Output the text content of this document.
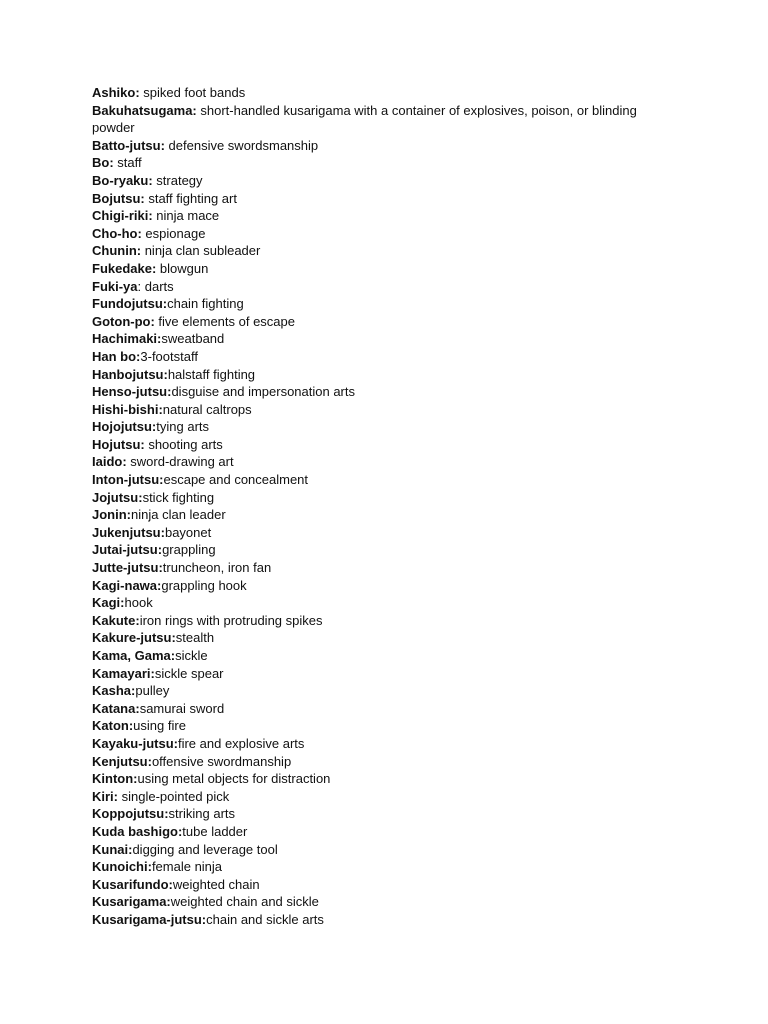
Ashiko: spiked foot bands

Bakuhatsugama: short-handled kusarigama with a container of explosives, poison, or blinding powder

Batto-jutsu: defensive swordsmanship

Bo: staff

Bo-ryaku: strategy

Bojutsu: staff fighting art

Chigi-riki: ninja mace

Cho-ho: espionage

Chunin: ninja clan subleader

Fukedake: blowgun

Fuki-ya: darts

Fundojutsu:chain fighting

Goton-po: five elements of escape

Hachimaki:sweatband

Han bo:3-footstaff

Hanbojutsu:halstaff fighting

Henso-jutsu:disguise and impersonation arts

Hishi-bishi:natural caltrops

Hojojutsu:tying arts

Hojutsu: shooting arts

Iaido: sword-drawing art

Inton-jutsu:escape and concealment

Jojutsu:stick fighting

Jonin:ninja clan leader

Jukenjutsu:bayonet

Jutai-jutsu:grappling

Jutte-jutsu:truncheon, iron fan

Kagi-nawa:grappling hook

Kagi:hook

Kakute:iron rings with protruding spikes

Kakure-jutsu:stealth

Kama, Gama:sickle

Kamayari:sickle spear

Kasha:pulley

Katana:samurai sword

Katon:using fire

Kayaku-jutsu:fire and explosive arts

Kenjutsu:offensive swordmanship

Kinton:using metal objects for distraction

Kiri: single-pointed pick

Koppojutsu:striking arts

Kuda bashigo:tube ladder

Kunai:digging and leverage tool

Kunoichi:female ninja

Kusarifundo:weighted chain

Kusarigama:weighted chain and sickle

Kusarigama-jutsu:chain and sickle arts
